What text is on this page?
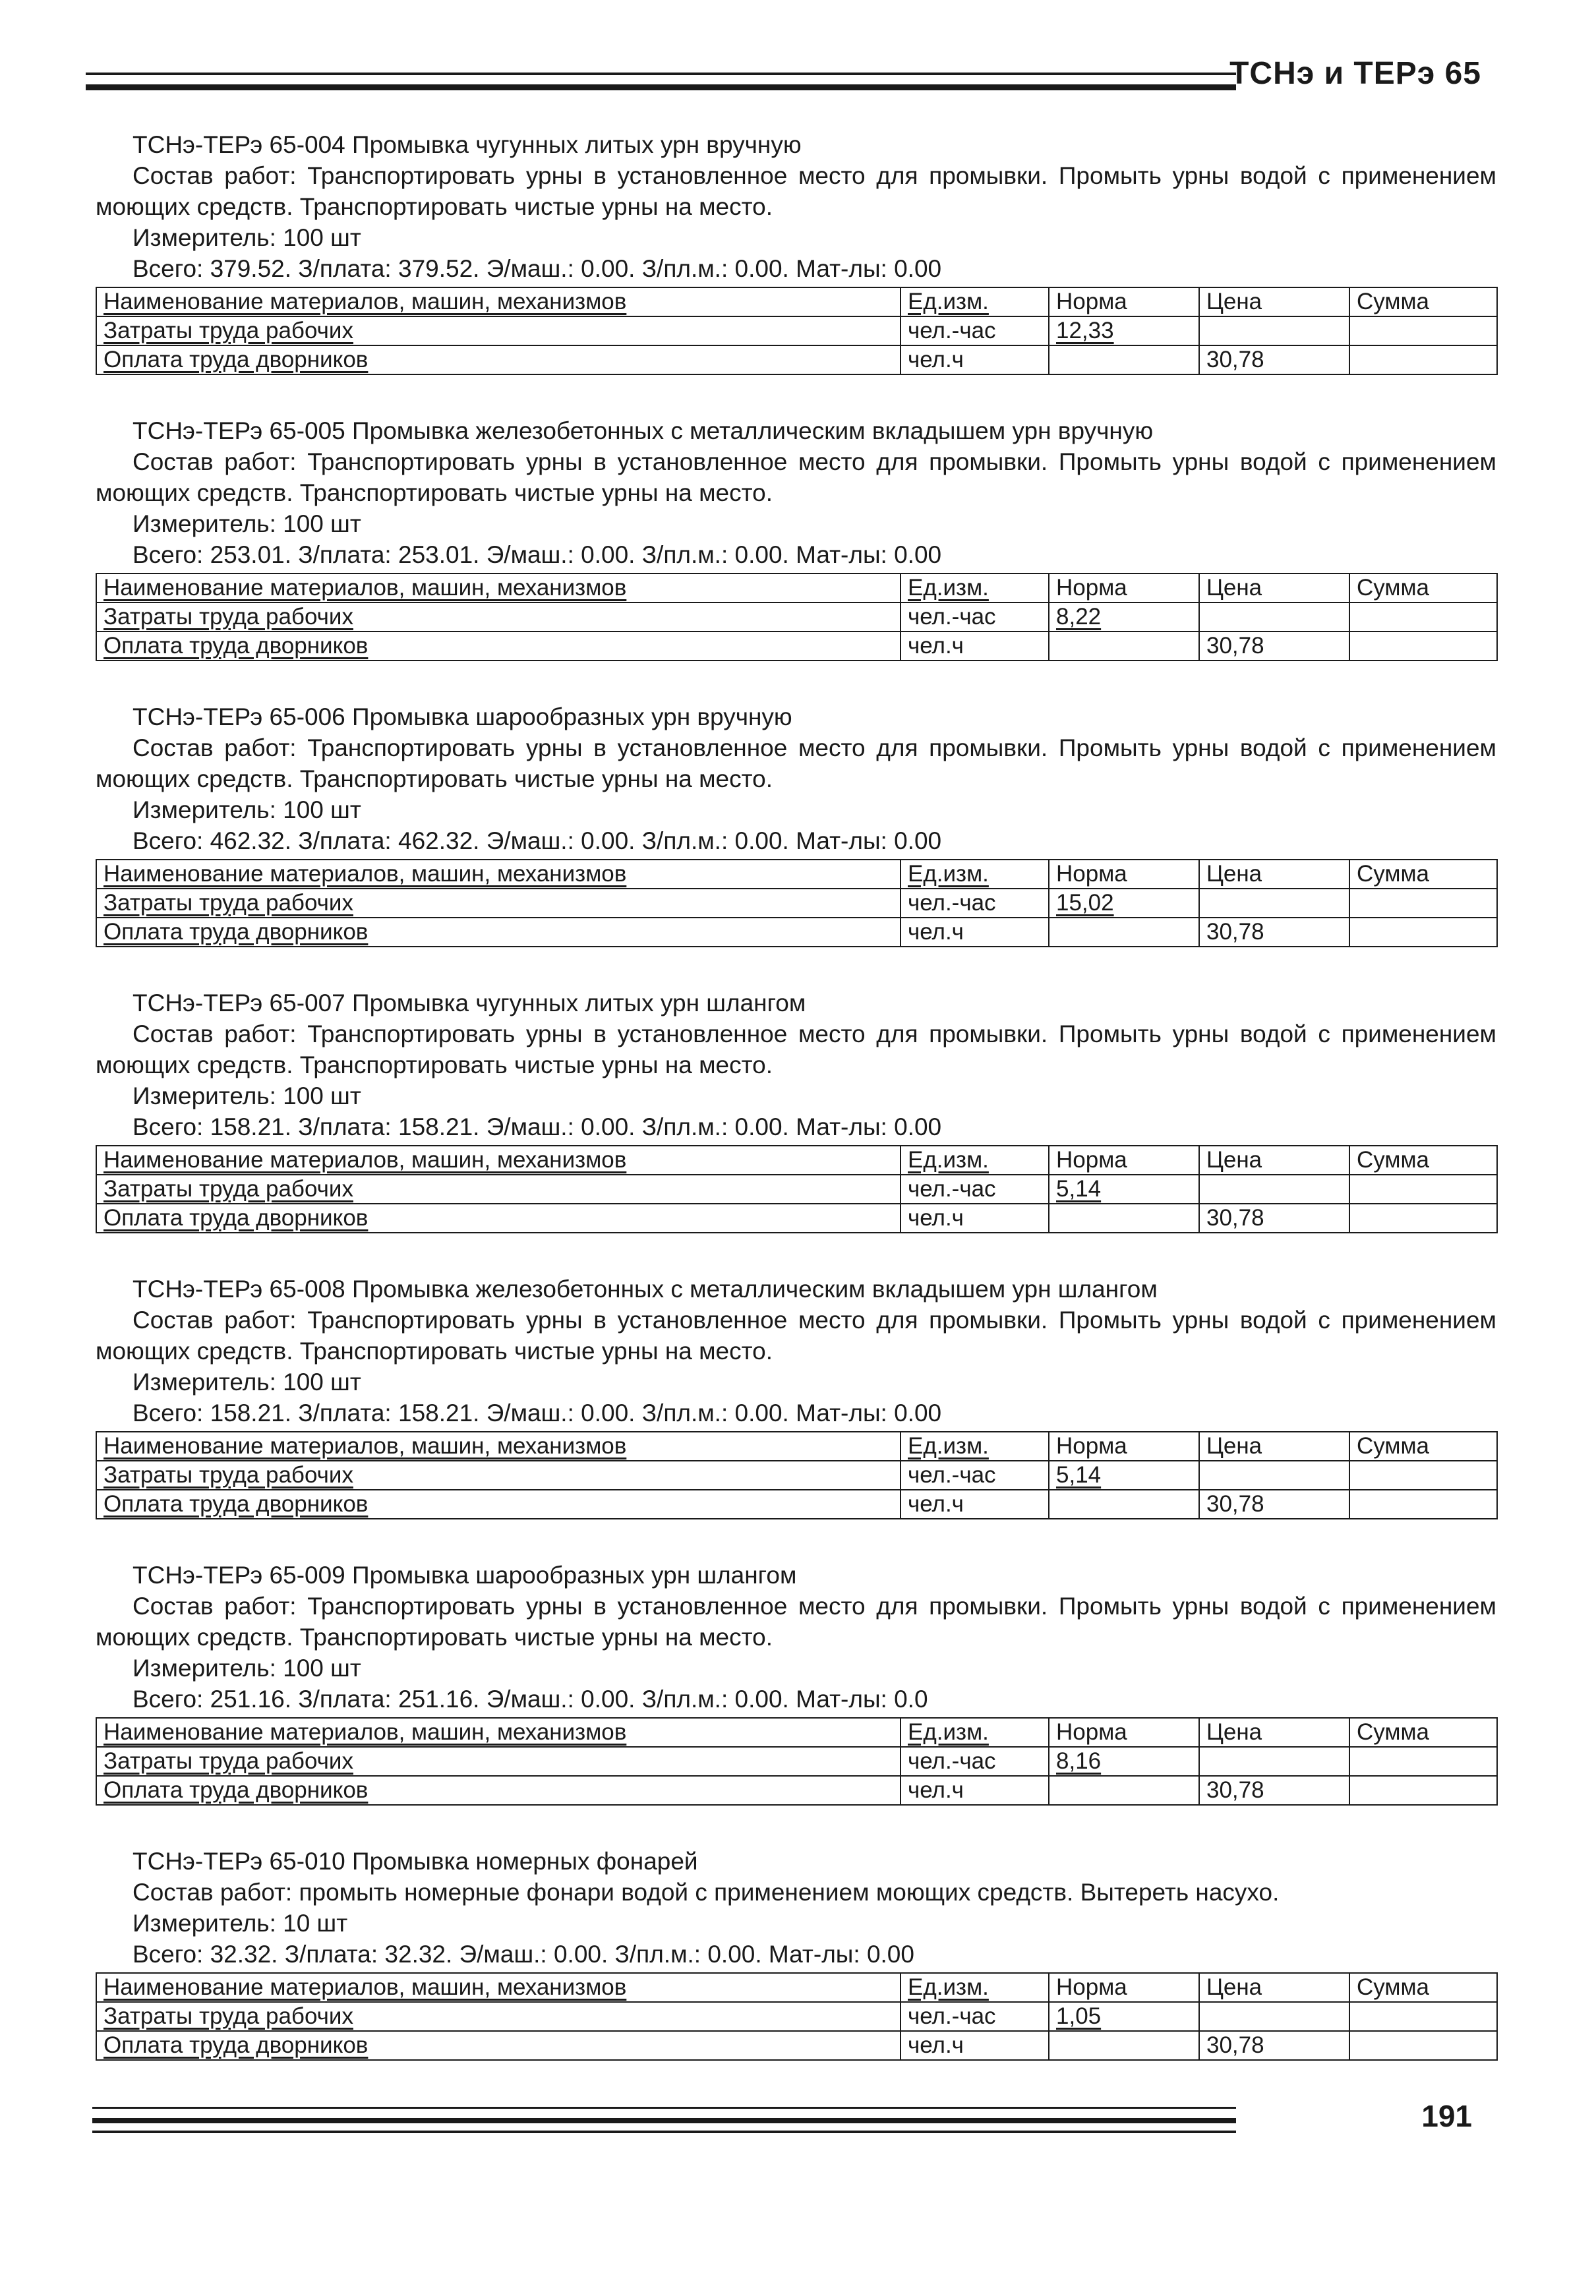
ТСНэ и ТЕРэ 65
ТСНэ-ТЕРэ 65-004 Промывка чугунных литых урн вручную
Состав работ: Транспортировать урны в установленное место для промывки. Промыть урны водой с применением
моющих средств. Транспортировать чистые урны на место.
Измеритель: 100 шт
Всего: 379.52. З/плата: 379.52. Э/маш.: 0.00. З/пл.м.: 0.00. Мат-лы: 0.00
Наименование материалов, машин, механизмов	Ед.изм.	Норма	Цена	Сумма
Затраты труда рабочих	чел.-час	12,33		
Оплата труда дворников	чел.ч		30,78	
ТСНэ-ТЕРэ 65-005 Промывка железобетонных с металлическим вкладышем урн вручную
Состав работ: Транспортировать урны в установленное место для промывки. Промыть урны водой с применением
моющих средств. Транспортировать чистые урны на место.
Измеритель: 100 шт
Всего: 253.01. З/плата: 253.01. Э/маш.: 0.00. З/пл.м.: 0.00. Мат-лы: 0.00
Наименование материалов, машин, механизмов	Ед.изм.	Норма	Цена	Сумма
Затраты труда рабочих	чел.-час	8,22		
Оплата труда дворников	чел.ч		30,78	
ТСНэ-ТЕРэ 65-006 Промывка шарообразных урн вручную
Состав работ: Транспортировать урны в установленное место для промывки. Промыть урны водой с применением
моющих средств. Транспортировать чистые урны на место.
Измеритель: 100 шт
Всего: 462.32. З/плата: 462.32. Э/маш.: 0.00. З/пл.м.: 0.00. Мат-лы: 0.00
Наименование материалов, машин, механизмов	Ед.изм.	Норма	Цена	Сумма
Затраты труда рабочих	чел.-час	15,02		
Оплата труда дворников	чел.ч		30,78	
ТСНэ-ТЕРэ 65-007 Промывка чугунных литых урн шлангом
Состав работ: Транспортировать урны в установленное место для промывки. Промыть урны водой с применением
моющих средств. Транспортировать чистые урны на место.
Измеритель: 100 шт
Всего: 158.21. З/плата: 158.21. Э/маш.: 0.00. З/пл.м.: 0.00. Мат-лы: 0.00
Наименование материалов, машин, механизмов	Ед.изм.	Норма	Цена	Сумма
Затраты труда рабочих	чел.-час	5,14		
Оплата труда дворников	чел.ч		30,78	
ТСНэ-ТЕРэ 65-008 Промывка железобетонных с металлическим вкладышем урн шлангом
Состав работ: Транспортировать урны в установленное место для промывки. Промыть урны водой с применением
моющих средств. Транспортировать чистые урны на место.
Измеритель: 100 шт
Всего: 158.21. З/плата: 158.21. Э/маш.: 0.00. З/пл.м.: 0.00. Мат-лы: 0.00
Наименование материалов, машин, механизмов	Ед.изм.	Норма	Цена	Сумма
Затраты труда рабочих	чел.-час	5,14		
Оплата труда дворников	чел.ч		30,78	
ТСНэ-ТЕРэ 65-009 Промывка шарообразных урн шлангом
Состав работ: Транспортировать урны в установленное место для промывки. Промыть урны водой с применением
моющих средств. Транспортировать чистые урны на место.
Измеритель: 100 шт
Всего: 251.16. З/плата: 251.16. Э/маш.: 0.00. З/пл.м.: 0.00. Мат-лы: 0.0
Наименование материалов, машин, механизмов	Ед.изм.	Норма	Цена	Сумма
Затраты труда рабочих	чел.-час	8,16		
Оплата труда дворников	чел.ч		30,78	
ТСНэ-ТЕРэ 65-010 Промывка номерных фонарей
Состав работ: промыть номерные фонари водой с применением моющих средств. Вытереть насухо.
Измеритель: 10 шт
Всего: 32.32. З/плата: 32.32. Э/маш.: 0.00. З/пл.м.: 0.00. Мат-лы: 0.00
Наименование материалов, машин, механизмов	Ед.изм.	Норма	Цена	Сумма
Затраты труда рабочих	чел.-час	1,05		
Оплата труда дворников	чел.ч		30,78	
191
